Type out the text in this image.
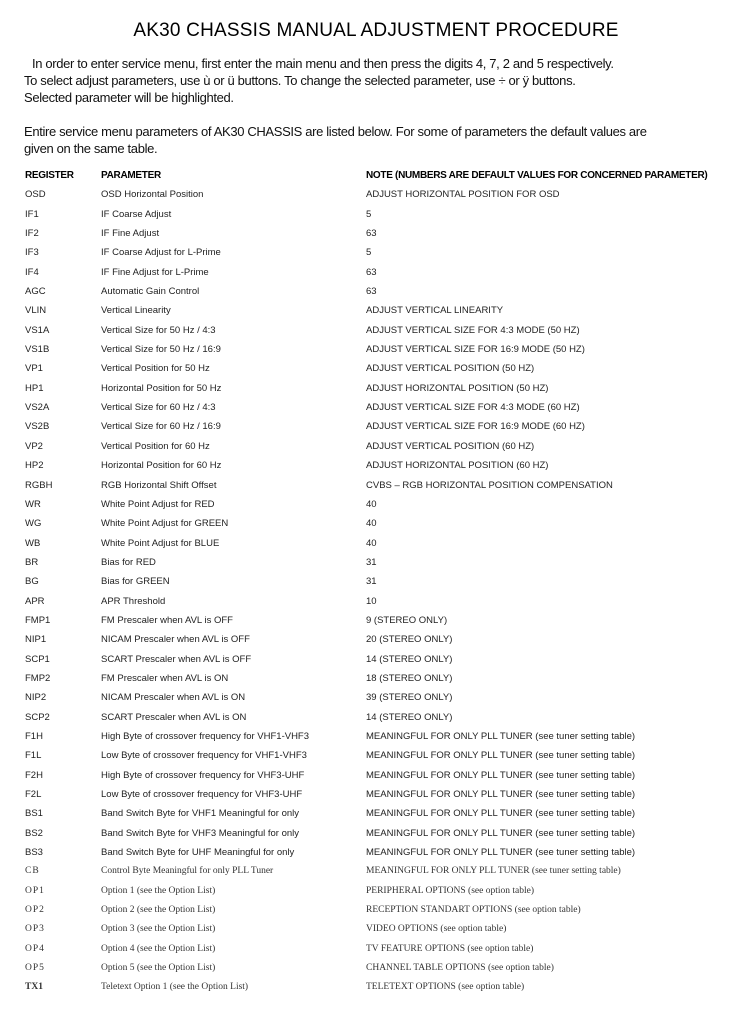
AK30 CHASSIS MANUAL ADJUSTMENT PROCEDURE

In order to enter service menu, first enter the main menu and then press the digits 4, 7, 2 and 5 respectively.

To select adjust parameters, use ù or ü buttons. To change the selected parameter, use ÷ or ÿ buttons.

Selected parameter will be highlighted.

Entire service menu parameters of AK30 CHASSIS are listed below. For some of parameters the default values are

given on the same table.

REGISTER	PARAMETER	NOTE (NUMBERS ARE DEFAULT VALUES FOR CONCERNED PARAMETER)
OSD	OSD Horizontal Position	ADJUST HORIZONTAL POSITION FOR OSD
IF1	IF Coarse Adjust	5
IF2	IF Fine Adjust	63
IF3	IF Coarse Adjust for L-Prime	5
IF4	IF Fine Adjust for L-Prime	63
AGC	Automatic Gain Control	63
VLIN	Vertical Linearity	ADJUST VERTICAL LINEARITY
VS1A	Vertical Size for 50 Hz / 4:3	ADJUST VERTICAL SIZE FOR 4:3 MODE (50 HZ)
VS1B	Vertical Size for 50 Hz / 16:9	ADJUST VERTICAL SIZE FOR 16:9 MODE (50 HZ)
VP1	Vertical Position for 50 Hz	ADJUST VERTICAL POSITION (50 HZ)
HP1	Horizontal Position for 50 Hz	ADJUST HORIZONTAL POSITION (50 HZ)
VS2A	Vertical Size for 60 Hz / 4:3	ADJUST VERTICAL SIZE FOR 4:3 MODE (60 HZ)
VS2B	Vertical Size for 60 Hz / 16:9	ADJUST VERTICAL SIZE FOR 16:9 MODE (60 HZ)
VP2	Vertical Position for 60 Hz	ADJUST VERTICAL POSITION (60 HZ)
HP2	Horizontal Position for 60 Hz	ADJUST HORIZONTAL POSITION (60 HZ)
RGBH	RGB Horizontal Shift Offset	CVBS – RGB HORIZONTAL POSITION COMPENSATION
WR	White Point Adjust for RED	40
WG	White Point Adjust for GREEN	40
WB	White Point Adjust for BLUE	40
BR	Bias for RED	31
BG	Bias for GREEN	31
APR	APR Threshold	10
FMP1	FM Prescaler when AVL is OFF	9 (STEREO ONLY)
NIP1	NICAM Prescaler when AVL is OFF	20 (STEREO ONLY)
SCP1	SCART Prescaler when AVL is OFF	14 (STEREO ONLY)
FMP2	FM Prescaler when AVL is ON	18 (STEREO ONLY)
NIP2	NICAM Prescaler when AVL is ON	39 (STEREO ONLY)
SCP2	SCART Prescaler when AVL is ON	14 (STEREO ONLY)
F1H	High Byte of crossover frequency for VHF1-VHF3	MEANINGFUL FOR ONLY PLL TUNER (see tuner setting table)
F1L	Low Byte of crossover frequency for VHF1-VHF3	MEANINGFUL FOR ONLY PLL TUNER (see tuner setting table)
F2H	High Byte of crossover frequency for VHF3-UHF	MEANINGFUL FOR ONLY PLL TUNER (see tuner setting table)
F2L	Low Byte of crossover frequency for VHF3-UHF	MEANINGFUL FOR ONLY PLL TUNER (see tuner setting table)
BS1	Band Switch Byte for VHF1 Meaningful for only	MEANINGFUL FOR ONLY PLL TUNER (see tuner setting table)
BS2	Band Switch Byte for VHF3 Meaningful for only	MEANINGFUL FOR ONLY PLL TUNER (see tuner setting table)
BS3	Band Switch Byte for UHF Meaningful for only	MEANINGFUL FOR ONLY PLL TUNER (see tuner setting table)
CB	Control Byte Meaningful for only PLL Tuner	MEANINGFUL FOR ONLY PLL TUNER (see tuner setting table)
OP1	Option 1 (see the Option List)	PERIPHERAL OPTIONS (see option table)
OP2	Option 2 (see the Option List)	RECEPTION STANDART OPTIONS (see option table)
OP3	Option 3 (see the Option List)	VIDEO OPTIONS (see option table)
OP4	Option 4 (see the Option List)	TV FEATURE OPTIONS (see option table)
OP5	Option 5 (see the Option List)	CHANNEL TABLE OPTIONS (see option table)
TX1	Teletext Option 1 (see the Option List)	TELETEXT OPTIONS (see option table)
